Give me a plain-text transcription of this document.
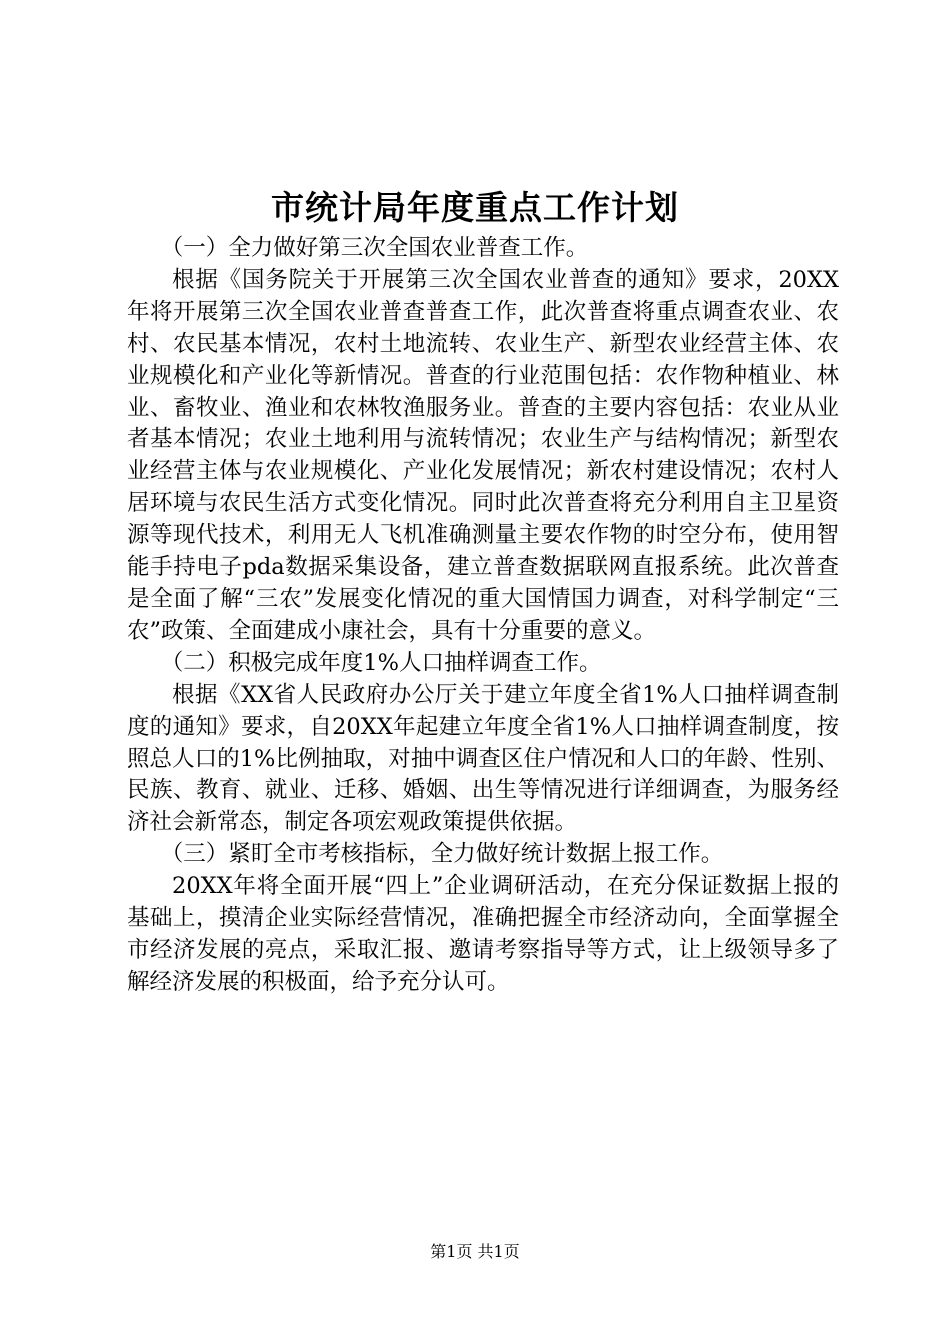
市统计局年度重点工作计划

（一）全力做好第三次全国农业普查工作。

根据《国务院关于开展第三次全国农业普查的通知》要求，20XX年将开展第三次全国农业普查普查工作，此次普查将重点调查农业、农村、农民基本情况，农村土地流转、农业生产、新型农业经营主体、农业规模化和产业化等新情况。普查的行业范围包括：农作物种植业、林业、畜牧业、渔业和农林牧渔服务业。普查的主要内容包括：农业从业者基本情况；农业土地利用与流转情况；农业生产与结构情况；新型农业经营主体与农业规模化、产业化发展情况；新农村建设情况；农村人居环境与农民生活方式变化情况。同时此次普查将充分利用自主卫星资源等现代技术，利用无人飞机准确测量主要农作物的时空分布，使用智能手持电子pda数据采集设备，建立普查数据联网直报系统。此次普查是全面了解“三农”发展变化情况的重大国情国力调查，对科学制定“三农”政策、全面建成小康社会，具有十分重要的意义。

（二）积极完成年度1%人口抽样调查工作。

根据《XX省人民政府办公厅关于建立年度全省1%人口抽样调查制度的通知》要求，自20XX年起建立年度全省1%人口抽样调查制度，按照总人口的1%比例抽取，对抽中调查区住户情况和人口的年龄、性别、民族、教育、就业、迁移、婚姻、出生等情况进行详细调查，为服务经济社会新常态，制定各项宏观政策提供依据。

（三）紧盯全市考核指标，全力做好统计数据上报工作。

20XX年将全面开展“四上”企业调研活动，在充分保证数据上报的基础上，摸清企业实际经营情况，准确把握全市经济动向，全面掌握全市经济发展的亮点，采取汇报、邀请考察指导等方式，让上级领导多了解经济发展的积极面，给予充分认可。

第1页 共1页
